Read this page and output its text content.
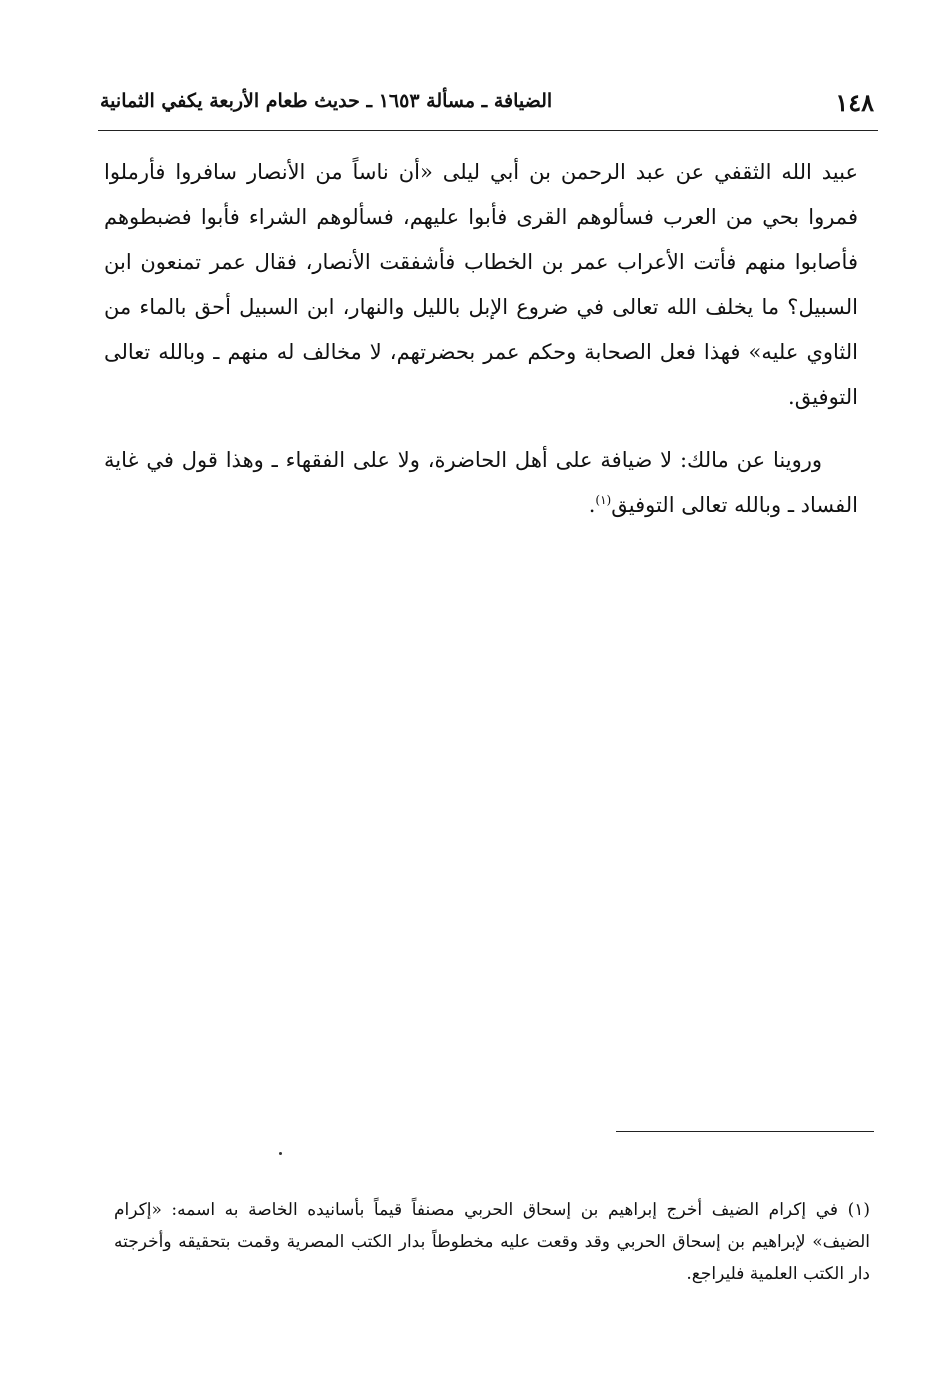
١٤٨
الضيافة ـ مسألة ١٦٥٣ ـ حديث طعام الأربعة يكفي الثمانية

عبيد الله الثقفي عن عبد الرحمن بن أبي ليلى «أن ناساً من الأنصار سافروا فأرملوا فمروا بحي من العرب فسألوهم القرى فأبوا عليهم، فسألوهم الشراء فأبوا فضبطوهم فأصابوا منهم فأتت الأعراب عمر بن الخطاب فأشفقت الأنصار، فقال عمر تمنعون ابن السبيل؟ ما يخلف الله تعالى في ضروع الإبل بالليل والنهار، ابن السبيل أحق بالماء من الثاوي عليه» فهذا فعل الصحابة وحكم عمر بحضرتهم، لا مخالف له منهم ـ وبالله تعالى التوفيق.

وروينا عن مالك: لا ضيافة على أهل الحاضرة، ولا على الفقهاء ـ وهذا قول في غاية الفساد ـ وبالله تعالى التوفيق$^{(١)}$.

(١) في إكرام الضيف أخرج إبراهيم بن إسحاق الحربي مصنفاً قيماً بأسانيده الخاصة به اسمه: «إكرام الضيف» لإبراهيم بن إسحاق الحربي وقد وقعت عليه مخطوطاً بدار الكتب المصرية وقمت بتحقيقه وأخرجته دار الكتب العلمية فليراجع.
